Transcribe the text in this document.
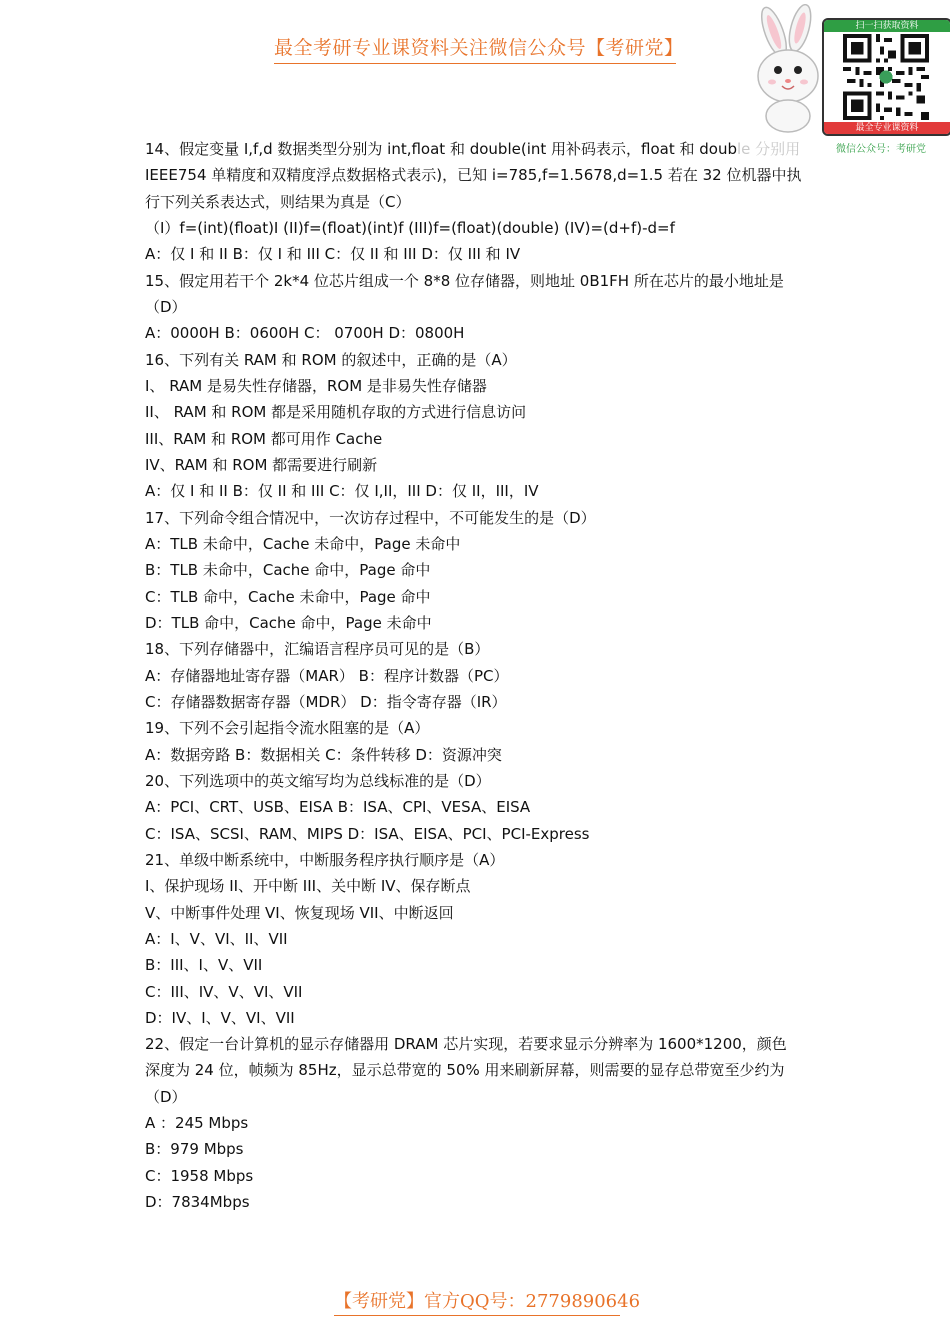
最全考研专业课资料关注微信公众号【考研党】
扫一扫获取资料
最全专业课资料
微信公众号：考研党
14、假定变量 I,f,d 数据类型分别为 int,float 和 double(int 用补码表示，float 和 double 分别用
IEEE754 单精度和双精度浮点数据格式表示)，已知 i=785,f=1.5678,d=1.5 若在 32 位机器中执
行下列关系表达式，则结果为真是（C）
（I）f=(int)(float)I (II)f=(float)(int)f (III)f=(float)(double) (IV)=(d+f)-d=f
A：仅 I 和 II B：仅 I 和 III C：仅 II 和 III D：仅 III 和 IV
15、假定用若干个 2k*4 位芯片组成一个 8*8 位存储器，则地址 0B1FH 所在芯片的最小地址是
（D）
A：0000H B：0600H C： 0700H D：0800H
16、下列有关 RAM 和 ROM 的叙述中，正确的是（A）
I、 RAM 是易失性存储器，ROM 是非易失性存储器
II、 RAM 和 ROM 都是采用随机存取的方式进行信息访问
III、RAM 和 ROM 都可用作 Cache
IV、RAM 和 ROM 都需要进行刷新
A：仅 I 和 II B：仅 II 和 III C：仅 I,II，III D：仅 II，III，IV
17、下列命令组合情况中，一次访存过程中，不可能发生的是（D）
A：TLB 未命中，Cache 未命中，Page 未命中
B：TLB 未命中，Cache 命中，Page 命中
C：TLB 命中，Cache 未命中，Page 命中
D：TLB 命中，Cache 命中，Page 未命中
18、下列存储器中，汇编语言程序员可见的是（B）
A：存储器地址寄存器（MAR） B：程序计数器（PC）
C：存储器数据寄存器（MDR） D：指令寄存器（IR）
19、下列不会引起指令流水阻塞的是（A）
A：数据旁路 B：数据相关 C：条件转移 D：资源冲突
20、下列选项中的英文缩写均为总线标准的是（D）
A：PCI、CRT、USB、EISA B：ISA、CPI、VESA、EISA
C：ISA、SCSI、RAM、MIPS D：ISA、EISA、PCI、PCI-Express
21、单级中断系统中，中断服务程序执行顺序是（A）
I、保护现场 II、开中断 III、关中断 IV、保存断点
V、中断事件处理 VI、恢复现场 VII、中断返回
A：I、V、VI、II、VII
B：III、I、V、VII
C：III、IV、V、VI、VII
D：IV、I、V、VI、VII
22、假定一台计算机的显示存储器用 DRAM 芯片实现，若要求显示分辨率为 1600*1200，颜色
深度为 24 位，帧频为 85Hz，显示总带宽的 50% 用来刷新屏幕，则需要的显存总带宽至少约为
（D）
A ：245 Mbps
B：979 Mbps
C：1958 Mbps
D：7834Mbps
【考研党】官方QQ号：2779890646
